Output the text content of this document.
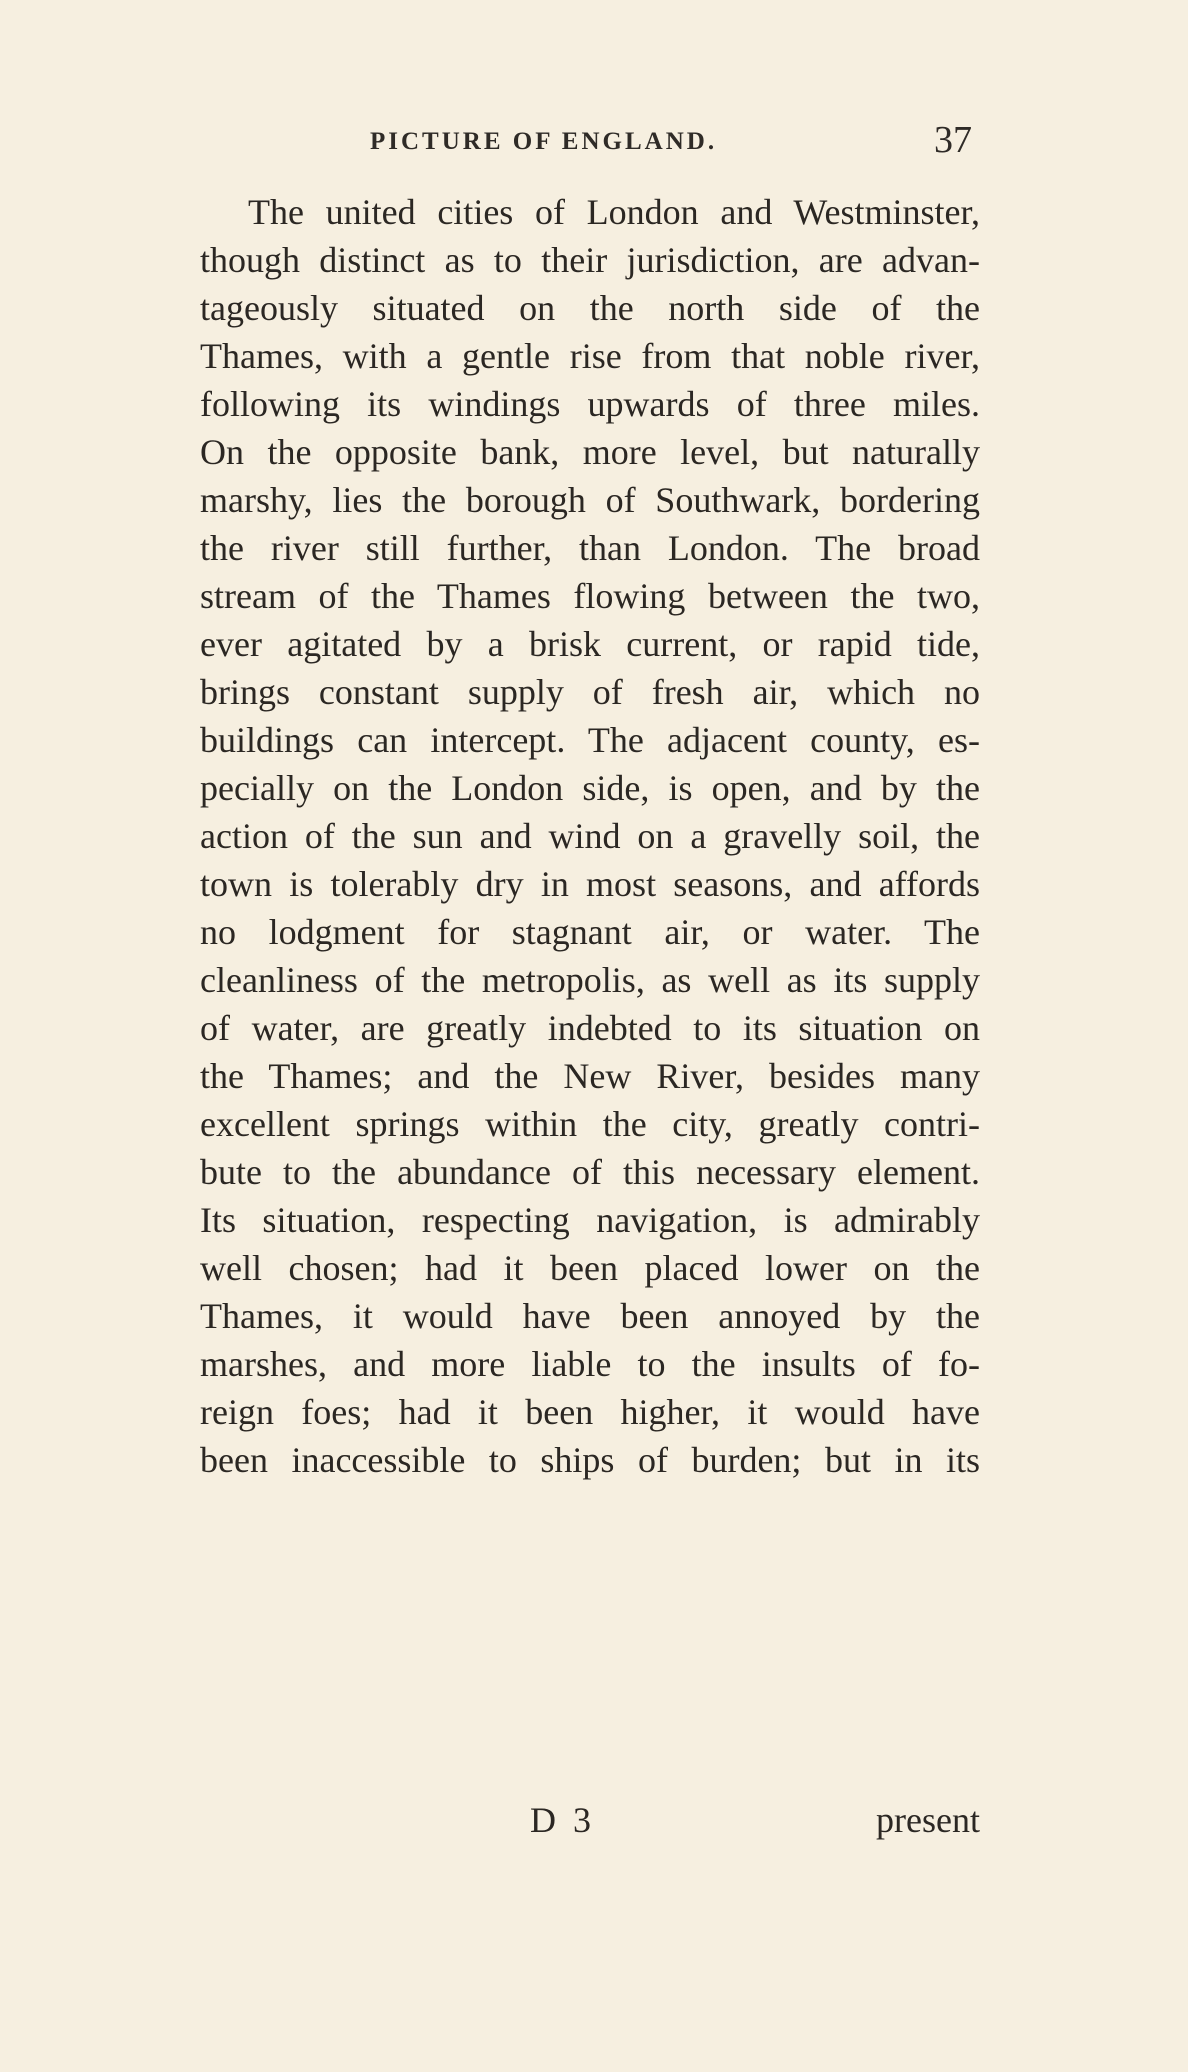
PICTURE OF ENGLAND.	37
The united cities of London and Westminster,
though distinct as to their jurisdiction, are advan-
tageously situated on the north side of the
Thames, with a gentle rise from that noble river,
following its windings upwards of three miles.
On the opposite bank, more level, but naturally
marshy, lies the borough of Southwark, bordering
the river still further, than London. The broad
stream of the Thames flowing between the two,
ever agitated by a brisk current, or rapid tide,
brings constant supply of fresh air, which no
buildings can intercept. The adjacent county, es-
pecially on the London side, is open, and by the
action of the sun and wind on a gravelly soil, the
town is tolerably dry in most seasons, and affords
no lodgment for stagnant air, or water. The
cleanliness of the metropolis, as well as its supply
of water, are greatly indebted to its situation on
the Thames; and the New River, besides many
excellent springs within the city, greatly contri-
bute to the abundance of this necessary element.
Its situation, respecting navigation, is admirably
well chosen; had it been placed lower on the
Thames, it would have been annoyed by the
marshes, and more liable to the insults of fo-
reign foes; had it been higher, it would have
been inaccessible to ships of burden; but in its
D 3	present
